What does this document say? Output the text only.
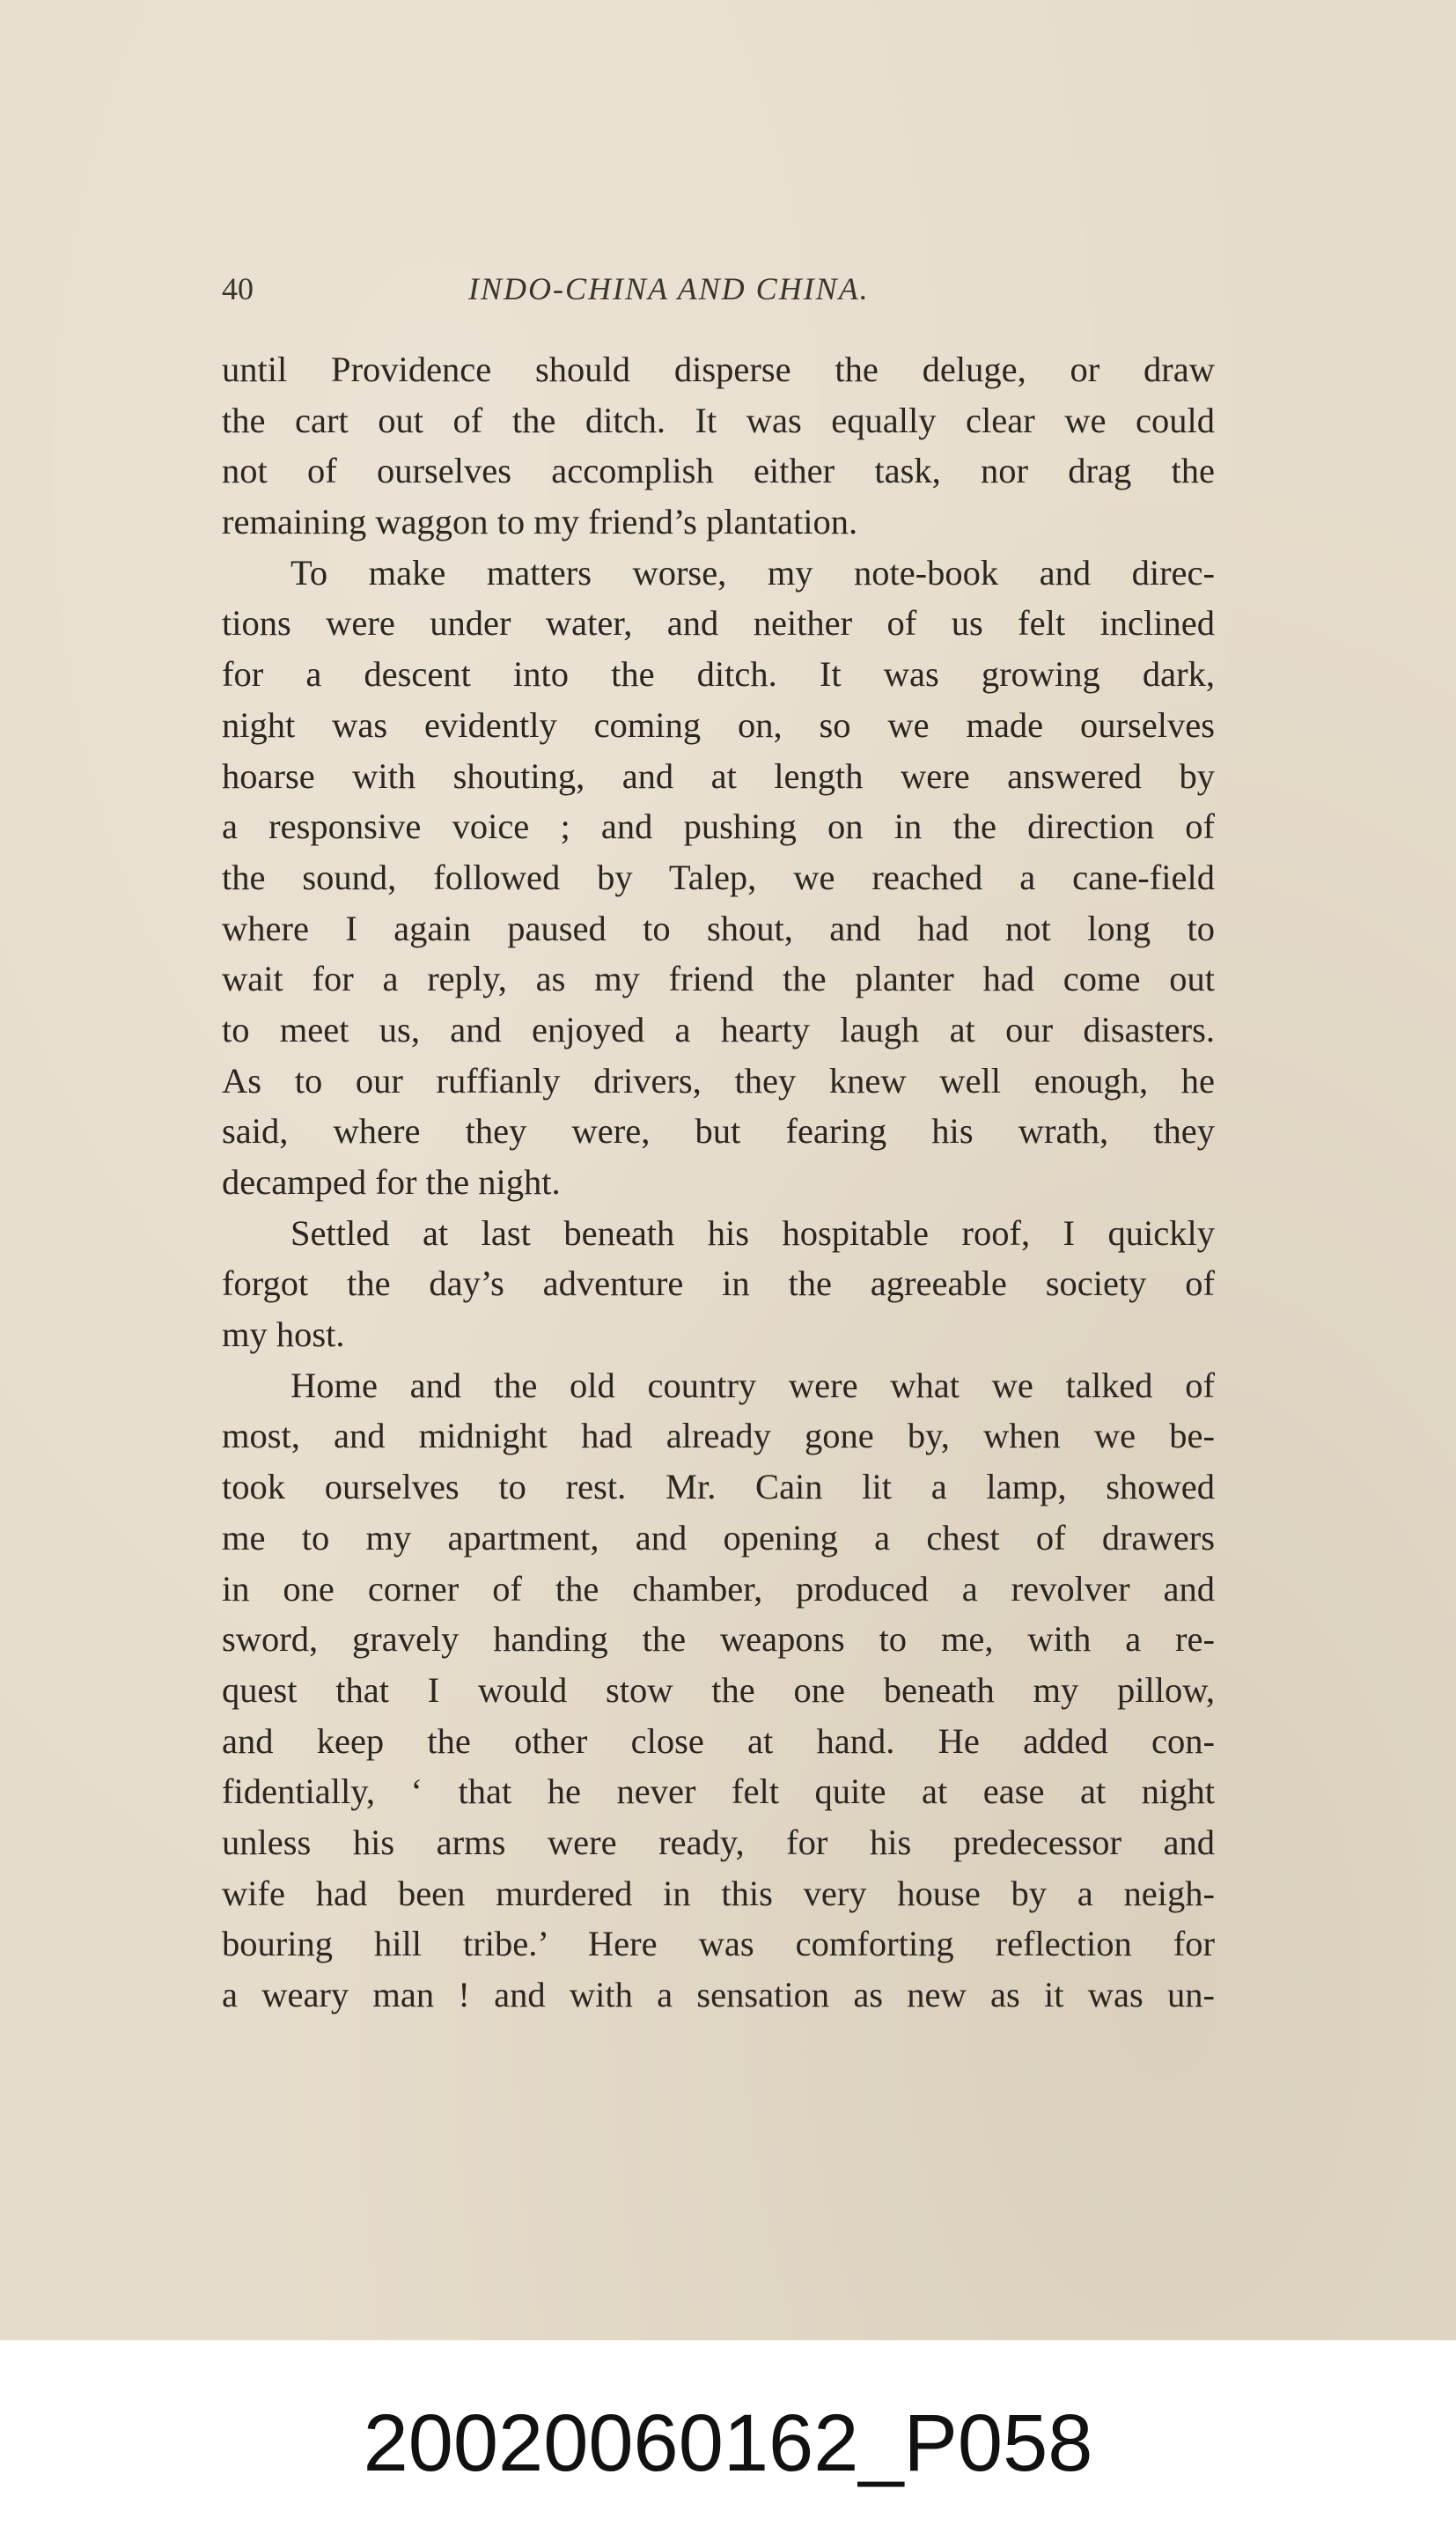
40	INDO-CHINA AND CHINA.
until Providence should disperse the deluge, or draw
the cart out of the ditch. It was equally clear we could
not of ourselves accomplish either task, nor drag the
remaining waggon to my friend’s plantation.
To make matters worse, my note-book and direc-
tions were under water, and neither of us felt inclined
for a descent into the ditch. It was growing dark,
night was evidently coming on, so we made ourselves
hoarse with shouting, and at length were answered by
a responsive voice ; and pushing on in the direction of
the sound, followed by Talep, we reached a cane-field
where I again paused to shout, and had not long to
wait for a reply, as my friend the planter had come out
to meet us, and enjoyed a hearty laugh at our disasters.
As to our ruffianly drivers, they knew well enough, he
said, where they were, but fearing his wrath, they
decamped for the night.
Settled at last beneath his hospitable roof, I quickly
forgot the day’s adventure in the agreeable society of
my host.
Home and the old country were what we talked of
most, and midnight had already gone by, when we be-
took ourselves to rest. Mr. Cain lit a lamp, showed
me to my apartment, and opening a chest of drawers
in one corner of the chamber, produced a revolver and
sword, gravely handing the weapons to me, with a re-
quest that I would stow the one beneath my pillow,
and keep the other close at hand. He added con-
fidentially, ‘ that he never felt quite at ease at night
unless his arms were ready, for his predecessor and
wife had been murdered in this very house by a neigh-
bouring hill tribe.’ Here was comforting reflection for
a weary man ! and with a sensation as new as it was un-
20020060162_P058
